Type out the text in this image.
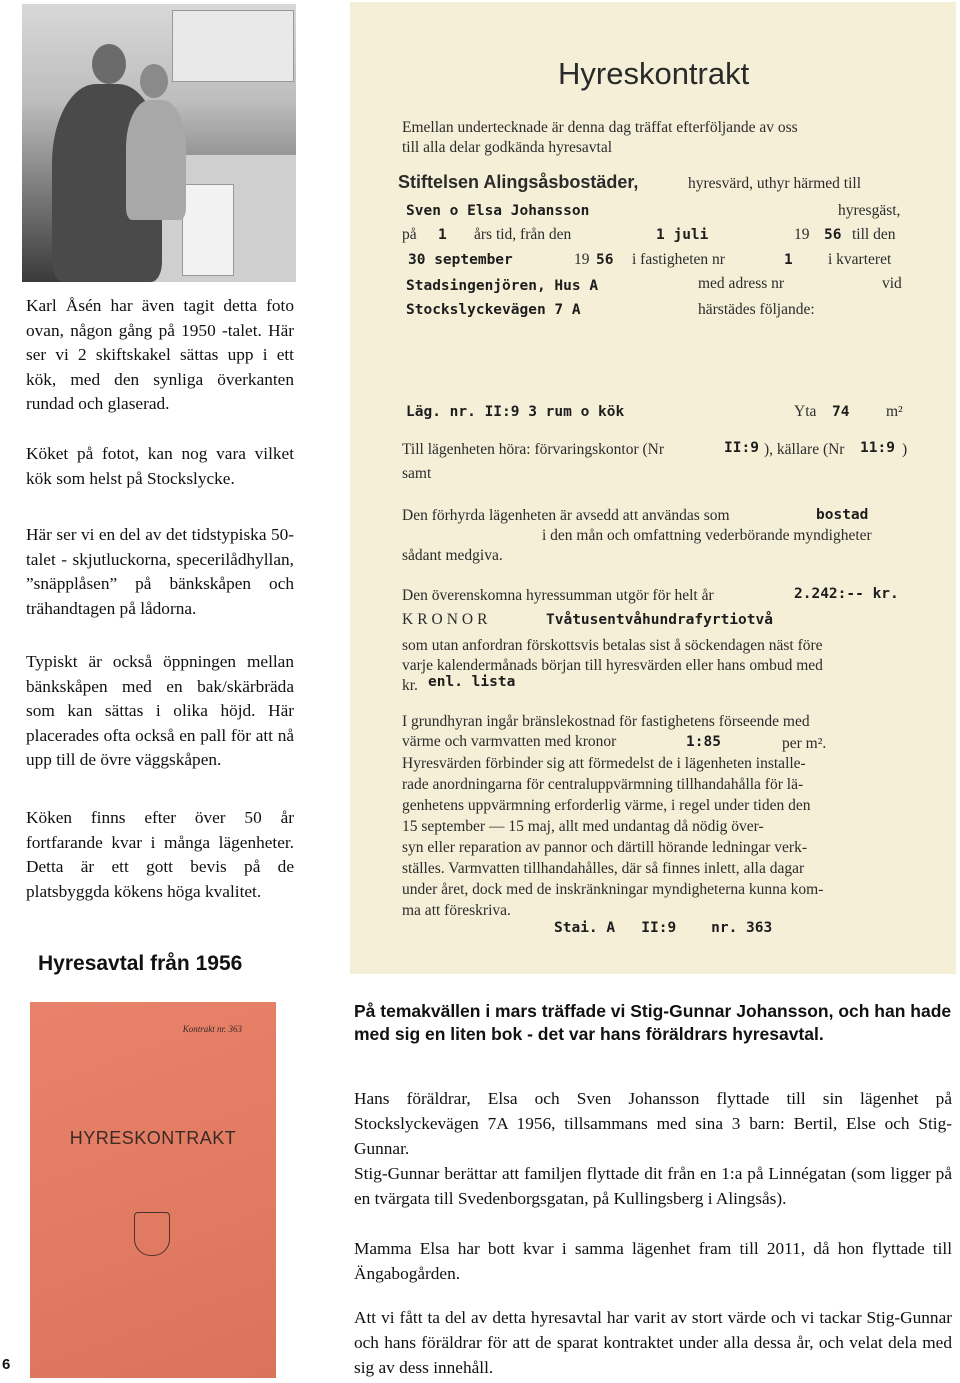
Karl Åsén har även tagit detta foto ovan, någon gång på 1950 -talet. Här ser vi 2 skiftskakel sättas upp i ett kök, med den synliga överkanten rundad och glaserad.

Köket på fotot, kan nog vara vilket kök som helst på Stockslycke.

Här ser vi en del av det tidstypiska 50-talet - skjutluckorna, specerilådhyllan, ”snäpplåsen” på bänkskåpen och trähandtagen på lådorna.

Typiskt är också öppningen mellan bänkskåpen med en bak/skärbräda som kan sättas i olika höjd. Här placerades ofta också en pall för att nå upp till de övre väggskåpen.

Köken finns efter över 50 år fortfarande kvar i många lägenheter. Detta är ett gott bevis på de platsbyggda kökens höga kvalitet.

Hyresavtal från 1956
Kontrakt nr. 363
HYRESKONTRAKT
Hyreskontrakt
Emellan undertecknade är denna dag träffat efterföljande av oss
till alla delar godkända hyresavtal
Stiftelsen Alingsåsbostäder,	hyresvärd, uthyr härmed till
Sven o Elsa Johansson	hyresgäst,
på 1 års tid, från den	1 juli	19 56 till den
30 september	19 56 i fastigheten nr	1 i kvarteret
Stadsingenjören, Hus A	med adress nr	vid
Stockslyckevägen 7 A	härstädes följande:
Läg. nr. II:9 3 rum o kök	Yta 74 m²
Till lägenheten höra: förvaringskontor (Nr	II:9 ), källare (Nr 11:9 )
samt
Den förhyrda lägenheten är avsedd att användas som	bostad
i den mån och omfattning vederbörande myndigheter
sådant medgiva.
Den överenskomna hyressumman utgör för helt år	2.242:-- kr.
KRONOR	Tvåtusentvåhundrafyrtiotvå
som utan anfordran förskottsvis betalas sist å söckendagen näst före
varje kalendermånads början till hyresvärden eller hans ombud med
kr. enl. lista
I grundhyran ingår bränslekostnad för fastighetens förseende med
värme och varmvatten med kronor	1:85	per m².
Hyresvärden förbinder sig att förmedelst de i lägenheten installe-
rade anordningarna för centraluppvärmning tillhandahålla för lä-
genhetens uppvärmning erforderlig värme, i regel under tiden den
15 september — 15 maj, allt med undantag då nödig över-
syn eller reparation av pannor och därtill hörande ledningar verk-
ställes. Varmvatten tillhandahålles, där så finnes inlett, alla dagar
under året, dock med de inskränkningar myndigheterna kunna kom-
ma att föreskriva.
Stai. A   II:9    nr. 363

På temakvällen i mars träffade vi Stig-Gunnar Johansson, och han hade med sig en liten bok - det var hans föräldrars hyresavtal.

Hans föräldrar, Elsa och Sven Johansson flyttade till sin lägenhet på Stockslyckevägen 7A 1956, tillsammans med sina 3 barn: Bertil, Else och Stig-Gunnar.

Stig-Gunnar berättar att familjen flyttade dit från en 1:a på Linnégatan (som ligger på en tvärgata till Svedenborgsgatan, på Kullingsberg i Alingsås).

Mamma Elsa har bott kvar i samma lägenhet fram till 2011, då hon flyttade till Ängabogården.

Att vi fått ta del av detta hyresavtal har varit av stort värde och vi tackar Stig-Gunnar och hans föräldrar för att de sparat kontraktet under alla dessa år, och velat dela med sig av dess innehåll.

6
